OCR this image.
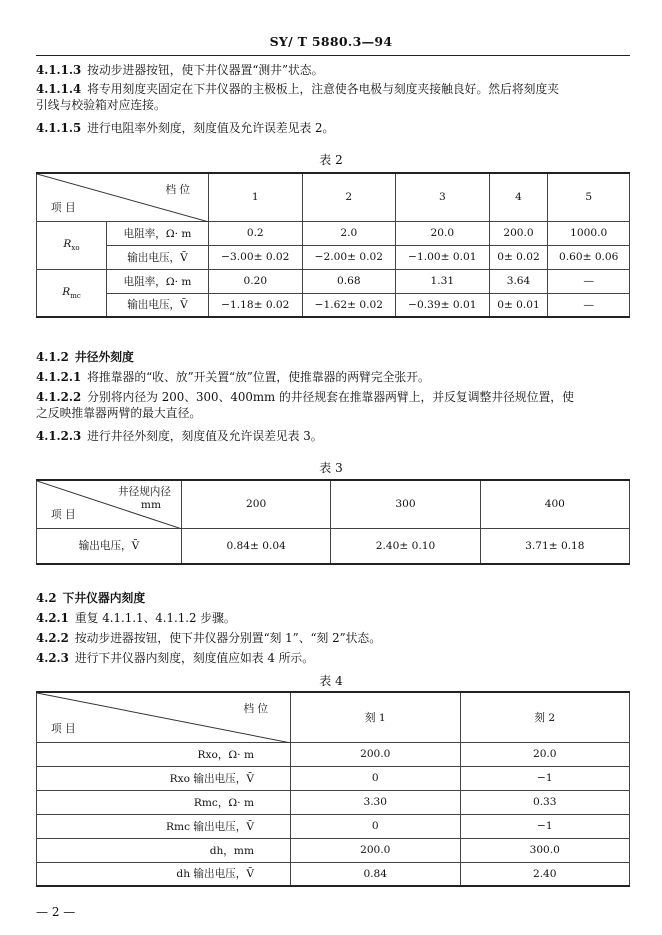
SY/ T 5880.3—94
4.1.1.3 按动步进器按钮，使下井仪器置“测井”状态。
4.1.1.4 将专用刻度夹固定在下井仪器的主极板上，注意使各电极与刻度夹接触良好。然后将刻度夹
引线与校验箱对应连接。
4.1.1.5 进行电阻率外刻度，刻度值及允许误差见表 2。
表 2
档 位
项 目		1	2	3	4	5
$R_{xo}$	电阻率，Ω· m	0.2	2.0	20.0	200.0	1000.0
	输出电压，V̄	−3.00± 0.02	−2.00± 0.02	−1.00± 0.01	0± 0.02	0.60± 0.06
$R_{mc}$	电阻率，Ω· m	0.20	0.68	1.31	3.64	—
	输出电压，V̄	−1.18± 0.02	−1.62± 0.02	−0.39± 0.01	0± 0.01	—
4.1.2 井径外刻度
4.1.2.1 将推靠器的“收、放”开关置“放”位置，使推靠器的两臂完全张开。
4.1.2.2 分别将内径为 200、300、400mm 的井径规套在推靠器两臂上，并反复调整井径规位置，使
之反映推靠器两臂的最大直径。
4.1.2.3 进行井径外刻度，刻度值及允许误差见表 3。
表 3
井径规内径
mm
项 目	200	300	400
输出电压，V̄	0.84± 0.04	2.40± 0.10	3.71± 0.18
4.2 下井仪器内刻度
4.2.1 重复 4.1.1.1、4.1.1.2 步骤。
4.2.2 按动步进器按钮，使下井仪器分别置“刻 1”、“刻 2”状态。
4.2.3 进行下井仪器内刻度，刻度值应如表 4 所示。
表 4
档 位
项 目	刻 1	刻 2
Rxo，Ω· m	200.0	20.0
Rxo 输出电压，V̄	0	−1
Rmc，Ω· m	3.30	0.33
Rmc 输出电压，V̄	0	−1
dh，mm	200.0	300.0
dh 输出电压，V̄	0.84	2.40
— 2 —
